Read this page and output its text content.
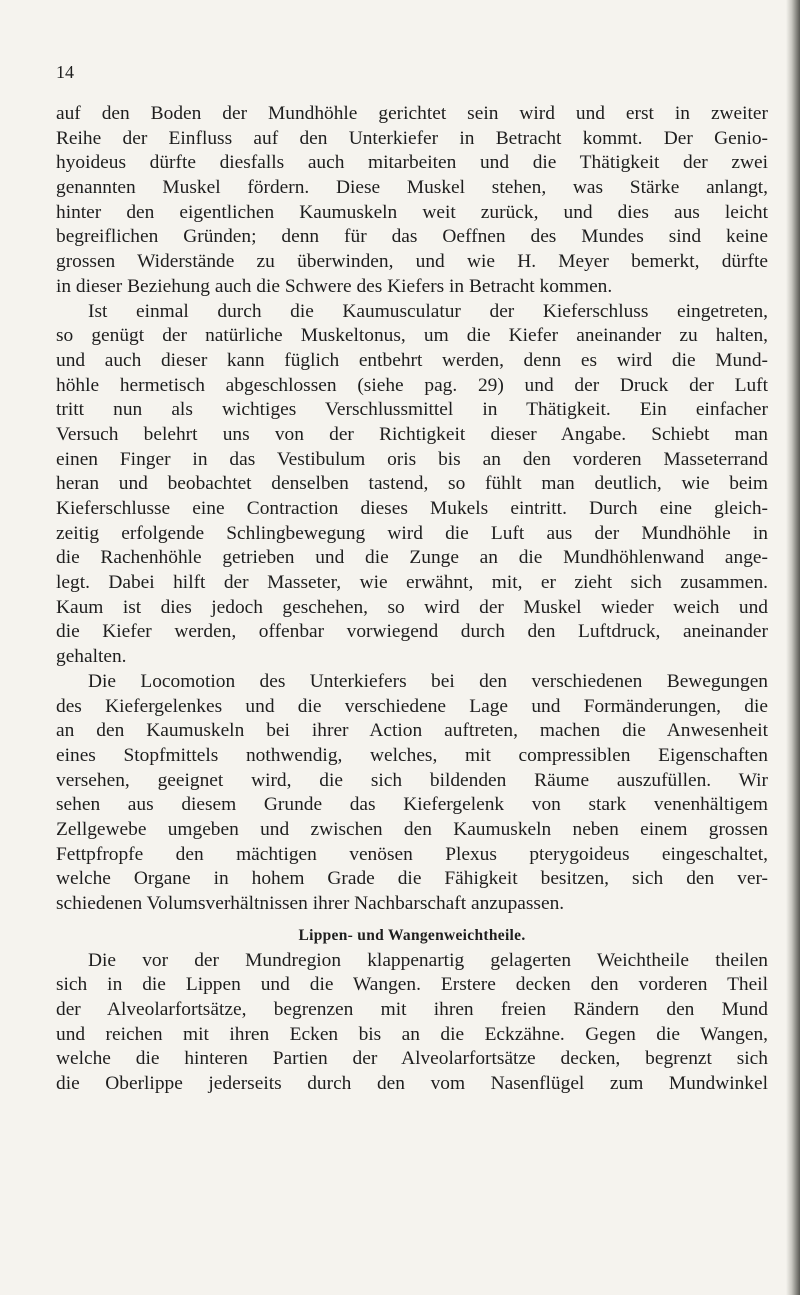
14
auf den Boden der Mundhöhle gerichtet sein wird und erst in zweiter
Reihe der Einfluss auf den Unterkiefer in Betracht kommt. Der Genio-
hyoideus dürfte diesfalls auch mitarbeiten und die Thätigkeit der zwei
genannten Muskel fördern. Diese Muskel stehen, was Stärke anlangt,
hinter den eigentlichen Kaumuskeln weit zurück, und dies aus leicht
begreiflichen Gründen; denn für das Oeffnen des Mundes sind keine
grossen Widerstände zu überwinden, und wie H. Meyer bemerkt, dürfte
in dieser Beziehung auch die Schwere des Kiefers in Betracht kommen.
Ist einmal durch die Kaumusculatur der Kieferschluss eingetreten,
so genügt der natürliche Muskeltonus, um die Kiefer aneinander zu halten,
und auch dieser kann füglich entbehrt werden, denn es wird die Mund-
höhle hermetisch abgeschlossen (siehe pag. 29) und der Druck der Luft
tritt nun als wichtiges Verschlussmittel in Thätigkeit. Ein einfacher
Versuch belehrt uns von der Richtigkeit dieser Angabe. Schiebt man
einen Finger in das Vestibulum oris bis an den vorderen Masseterrand
heran und beobachtet denselben tastend, so fühlt man deutlich, wie beim
Kieferschlusse eine Contraction dieses Mukels eintritt. Durch eine gleich-
zeitig erfolgende Schlingbewegung wird die Luft aus der Mundhöhle in
die Rachenhöhle getrieben und die Zunge an die Mundhöhlenwand ange-
legt. Dabei hilft der Masseter, wie erwähnt, mit, er zieht sich zusammen.
Kaum ist dies jedoch geschehen, so wird der Muskel wieder weich und
die Kiefer werden, offenbar vorwiegend durch den Luftdruck, aneinander
gehalten.
Die Locomotion des Unterkiefers bei den verschiedenen Bewegungen
des Kiefergelenkes und die verschiedene Lage und Formänderungen, die
an den Kaumuskeln bei ihrer Action auftreten, machen die Anwesenheit
eines Stopfmittels nothwendig, welches, mit compressiblen Eigenschaften
versehen, geeignet wird, die sich bildenden Räume auszufüllen. Wir
sehen aus diesem Grunde das Kiefergelenk von stark venenhältigem
Zellgewebe umgeben und zwischen den Kaumuskeln neben einem grossen
Fettpfropfe den mächtigen venösen Plexus pterygoideus eingeschaltet,
welche Organe in hohem Grade die Fähigkeit besitzen, sich den ver-
schiedenen Volumsverhältnissen ihrer Nachbarschaft anzupassen.
Lippen- und Wangenweichtheile.
Die vor der Mundregion klappenartig gelagerten Weichtheile theilen
sich in die Lippen und die Wangen. Erstere decken den vorderen Theil
der Alveolarfortsätze, begrenzen mit ihren freien Rändern den Mund
und reichen mit ihren Ecken bis an die Eckzähne. Gegen die Wangen,
welche die hinteren Partien der Alveolarfortsätze decken, begrenzt sich
die Oberlippe jederseits durch den vom Nasenflügel zum Mundwinkel
